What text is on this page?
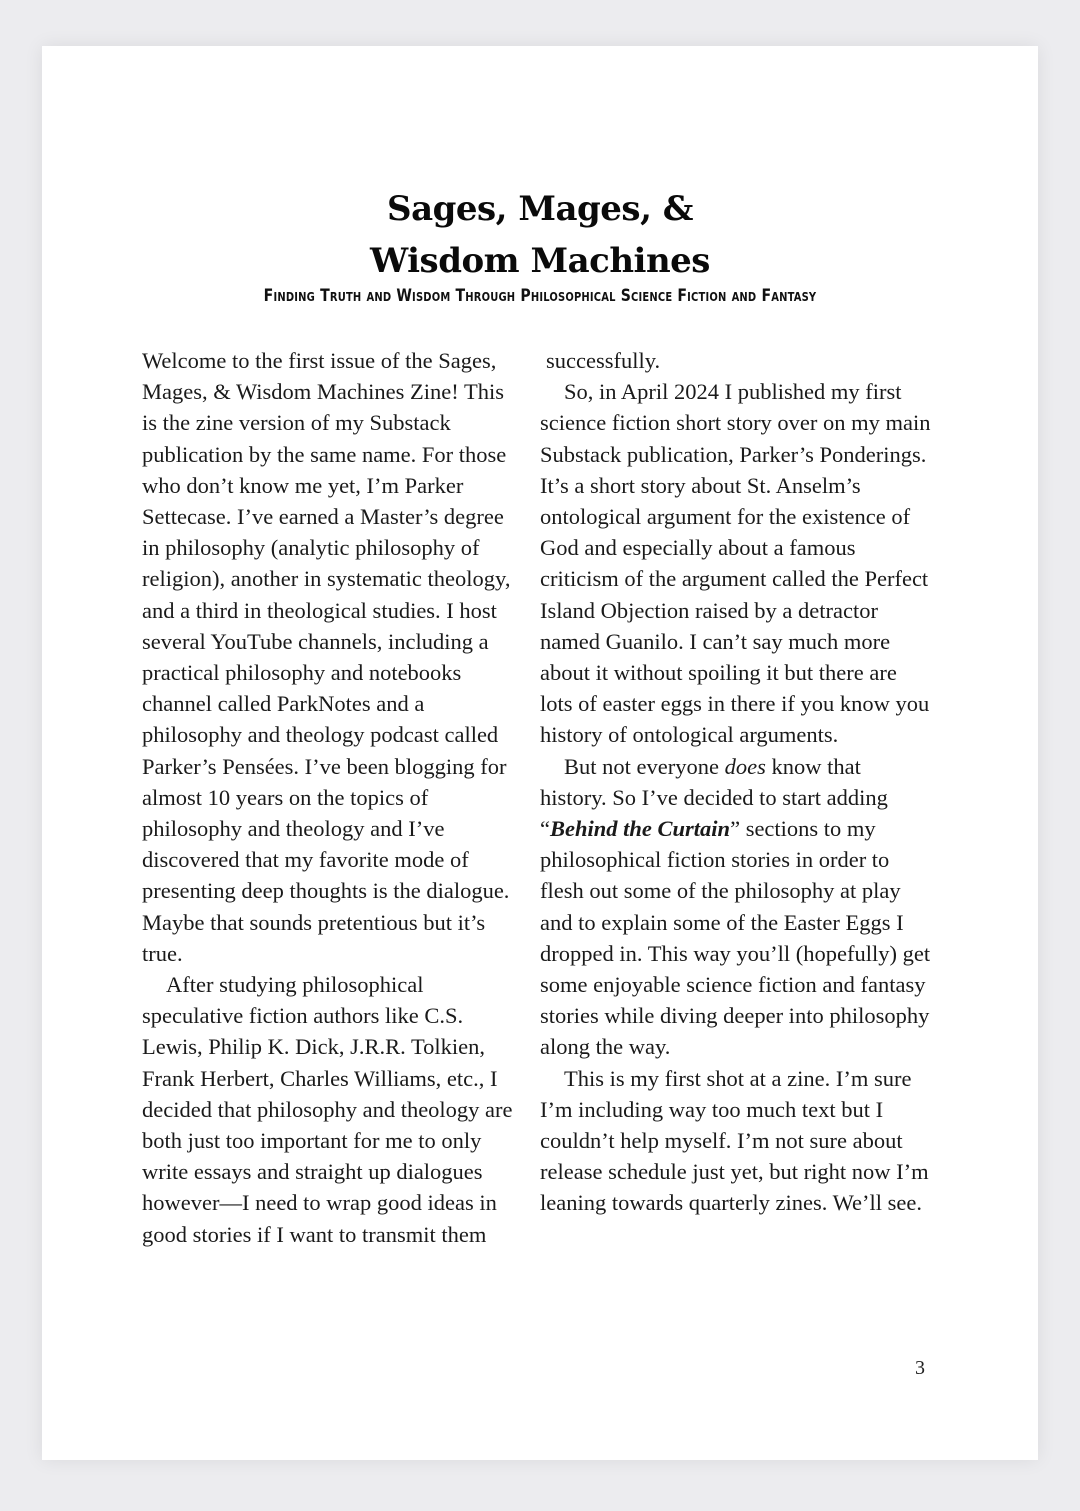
Sages, Mages, &
Wisdom Machines
Finding Truth and Wisdom Through Philosophical Science Fiction and Fantasy

Welcome to the first issue of the Sages, Mages, & Wisdom Machines Zine! This is the zine version of my Substack publication by the same name. For those who don’t know me yet, I’m Parker Settecase. I’ve earned a Master’s degree in philosophy (analytic philosophy of religion), another in systematic theology, and a third in theological studies. I host several YouTube channels, including a practical philosophy and notebooks channel called ParkNotes and a philosophy and theology podcast called Parker’s Pensées. I’ve been blogging for almost 10 years on the topics of philosophy and theology and I’ve discovered that my favorite mode of presenting deep thoughts is the dialogue. Maybe that sounds pretentious but it’s true.

After studying philosophical speculative fiction authors like C.S. Lewis, Philip K. Dick, J.R.R. Tolkien, Frank Herbert, Charles Williams, etc., I decided that philosophy and theology are both just too important for me to only write essays and straight up dialogues however—I need to wrap good ideas in good stories if I want to transmit them

successfully.

So, in April 2024 I published my first science fiction short story over on my main Substack publication, Parker’s Ponderings. It’s a short story about St. Anselm’s ontological argument for the existence of God and especially about a famous criticism of the argument called the Perfect Island Objection raised by a detractor named Guanilo. I can’t say much more about it without spoiling it but there are lots of easter eggs in there if you know you history of ontological arguments.

But not everyone does know that history. So I’ve decided to start adding “Behind the Curtain” sections to my philosophical fiction stories in order to flesh out some of the philosophy at play and to explain some of the Easter Eggs I dropped in. This way you’ll (hopefully) get some enjoyable science fiction and fantasy stories while diving deeper into philosophy along the way.

This is my first shot at a zine. I’m sure I’m including way too much text but I couldn’t help myself. I’m not sure about release schedule just yet, but right now I’m leaning towards quarterly zines. We’ll see.

3
